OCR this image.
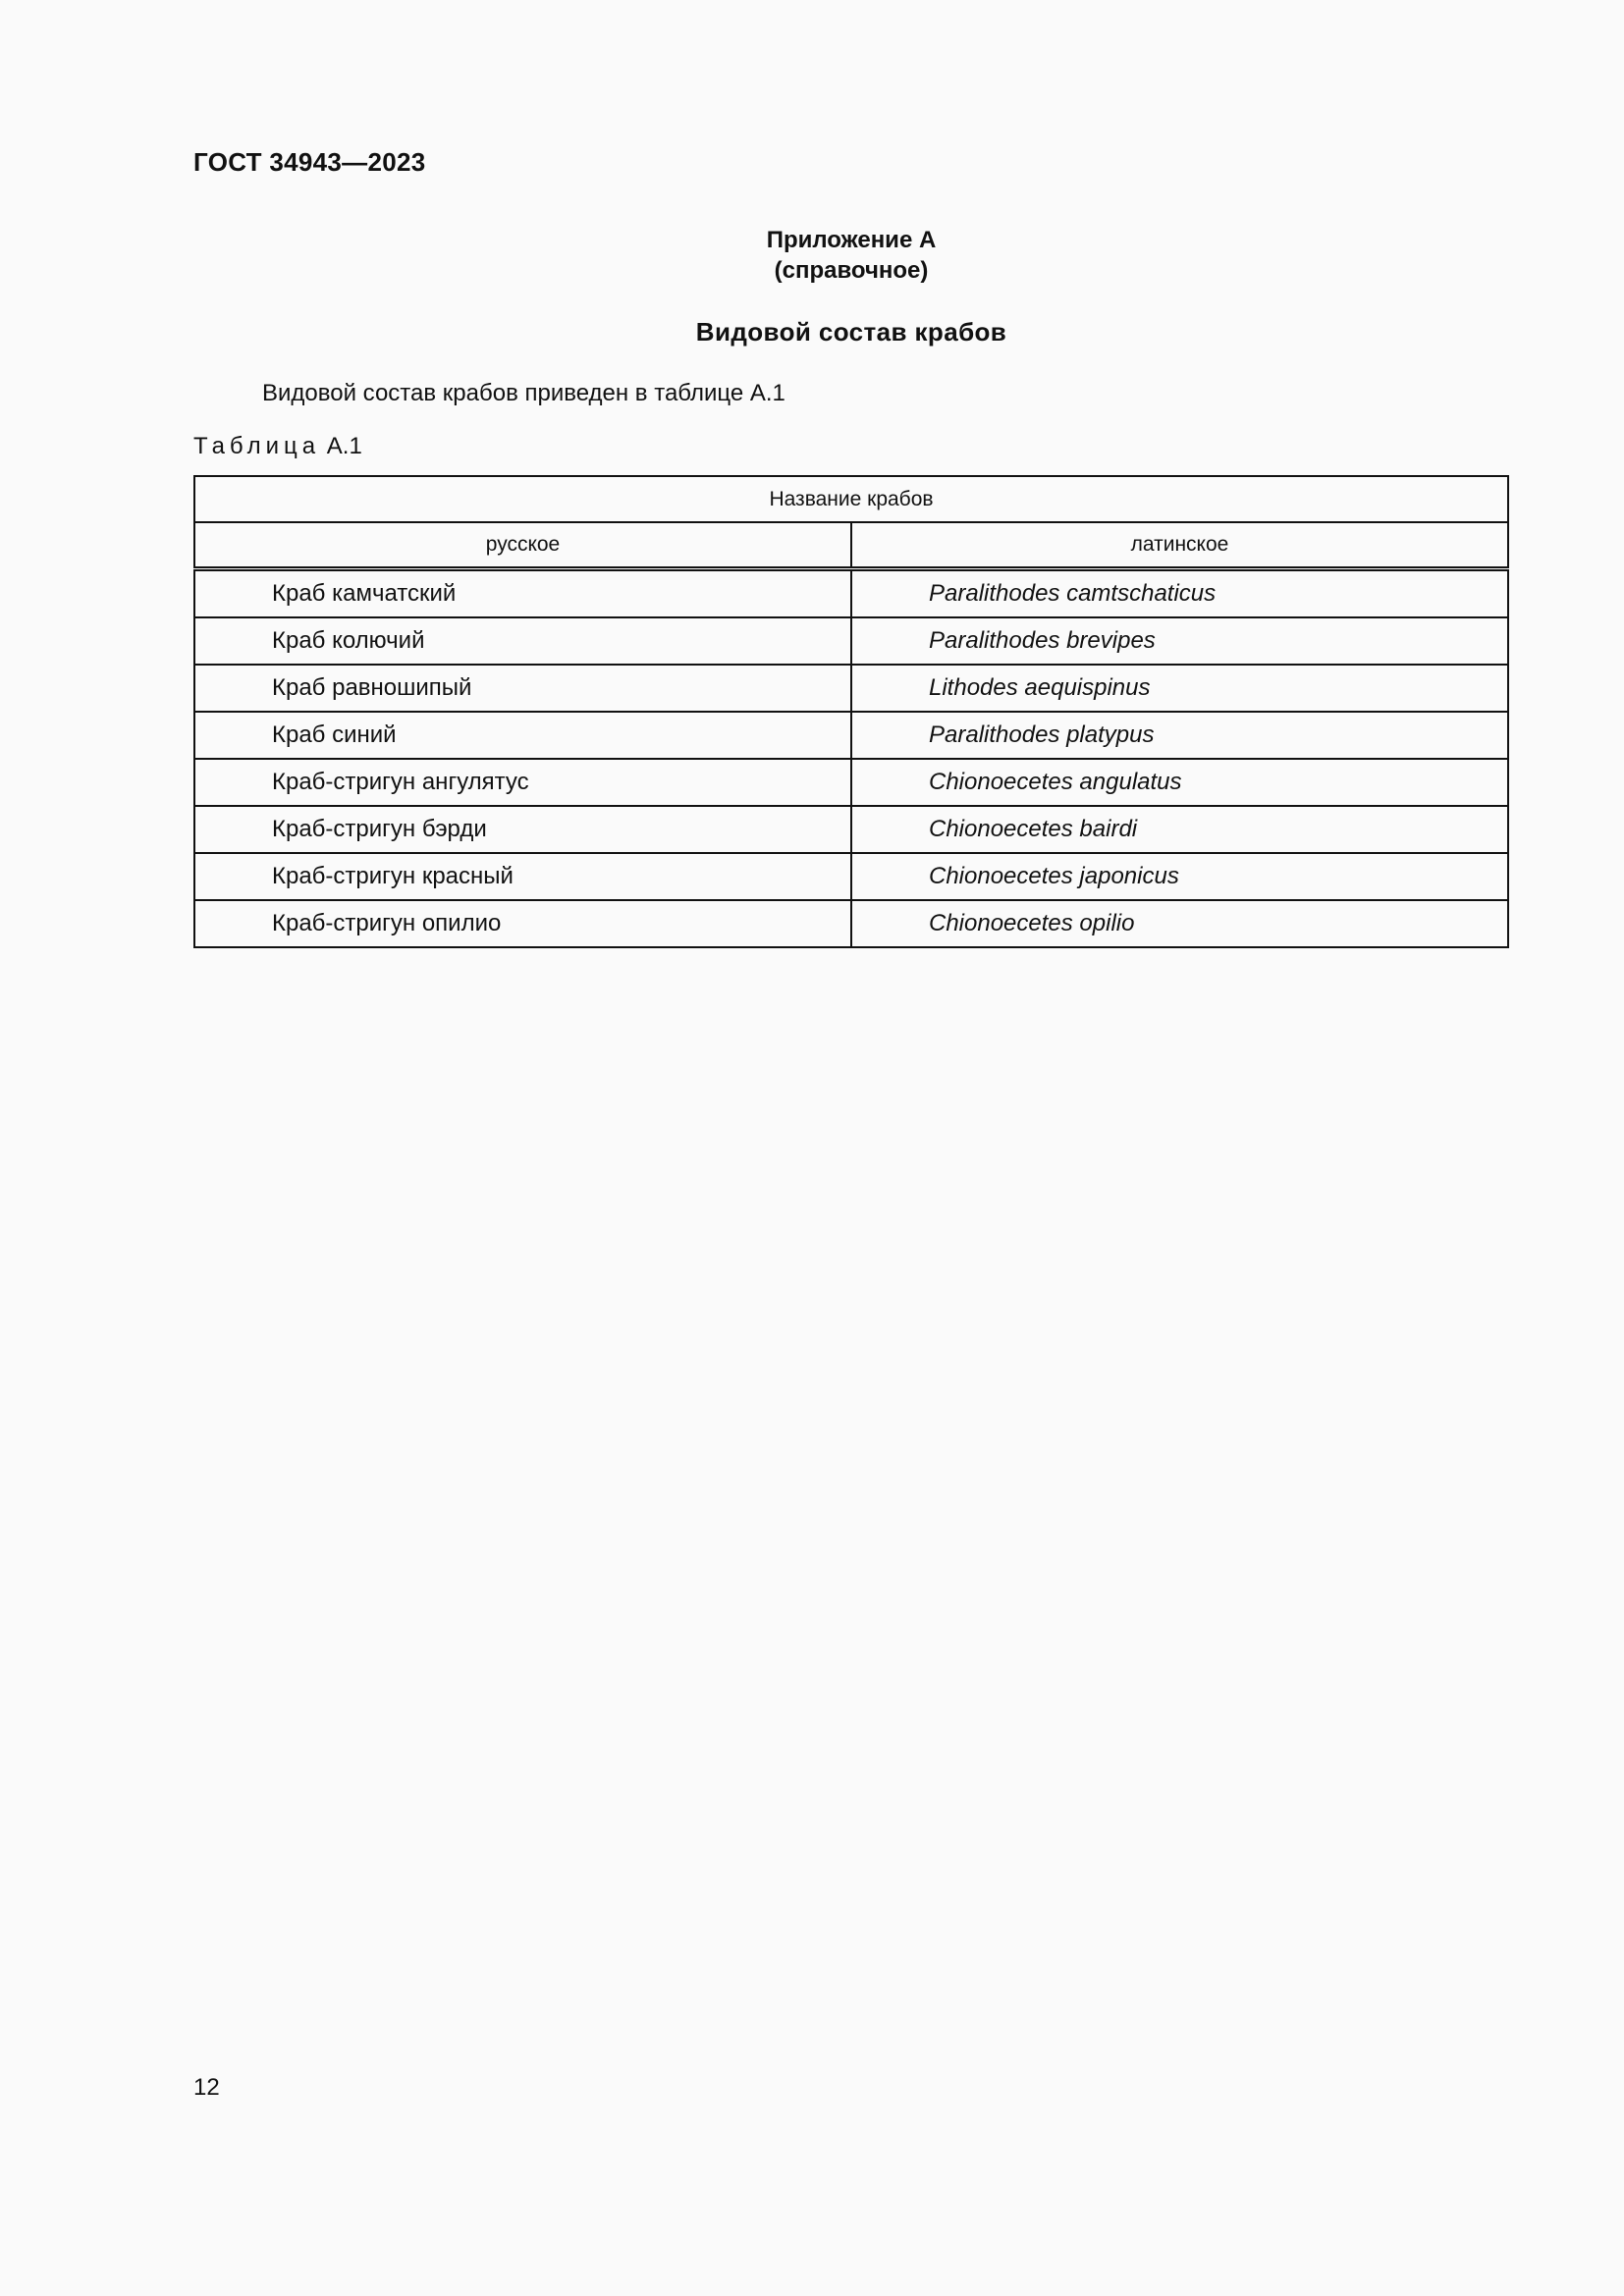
ГОСТ 34943—2023
Приложение А
(справочное)
Видовой состав крабов
Видовой состав крабов приведен в таблице А.1
Таблица А.1
Название крабов	
русское	латинское
Краб камчатский	Paralithodes camtschaticus
Краб колючий	Paralithodes brevipes
Краб равношипый	Lithodes aequispinus
Краб синий	Paralithodes platypus
Краб-стригун ангулятус	Chionoecetes angulatus
Краб-стригун бэрди	Chionoecetes bairdi
Краб-стригун красный	Chionoecetes japonicus
Краб-стригун опилио	Chionoecetes opilio
12
